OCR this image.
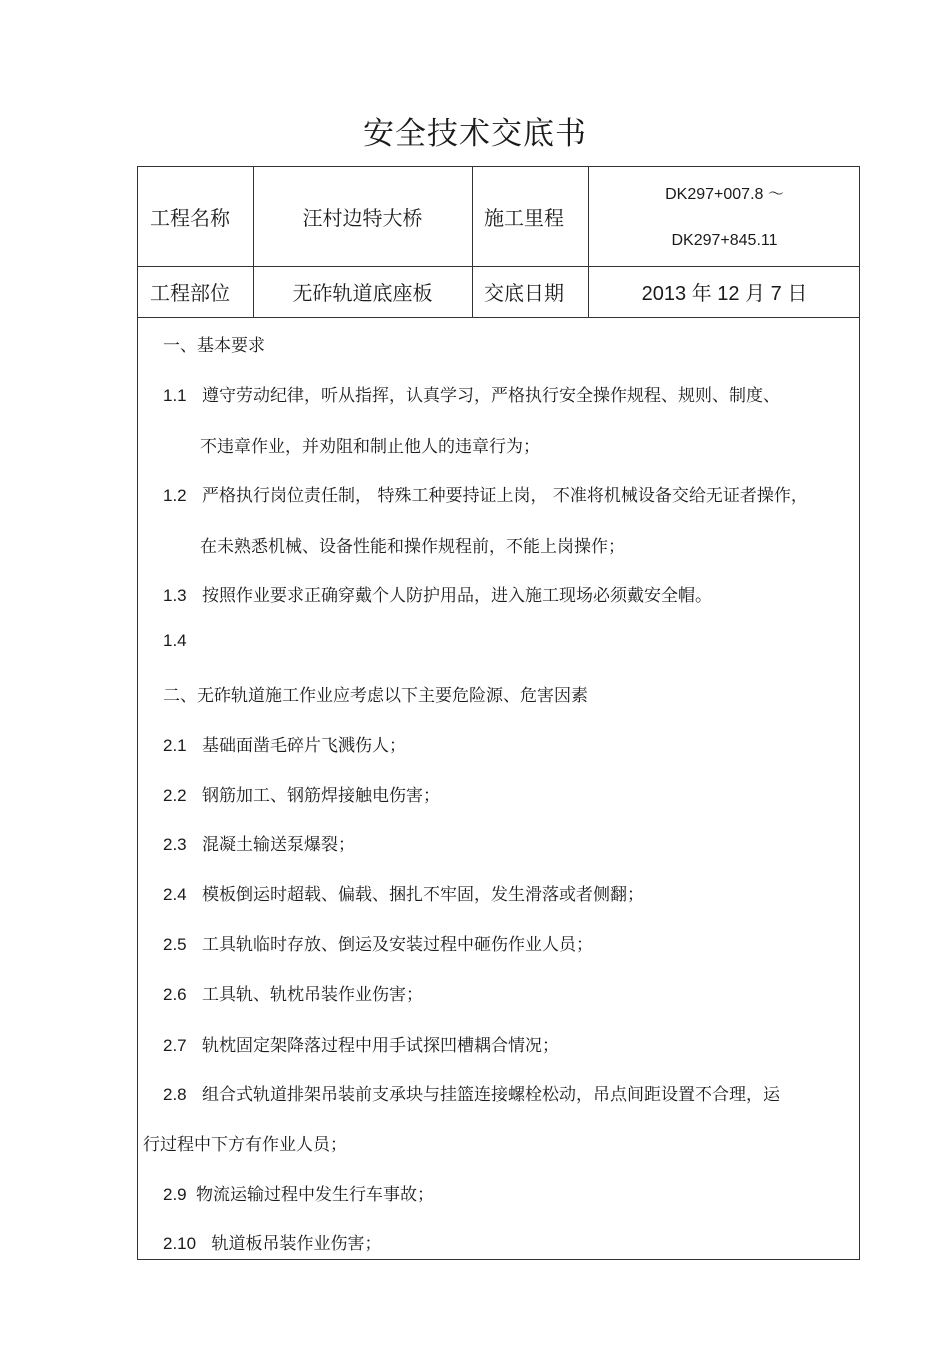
安全技术交底书
工程名称	汪村边特大桥	施工里程
DK297+007.8 ～
DK297+845.11
工程部位	无砟轨道底座板	交底日期	2013 年 12 月 7 日
一、基本要求
1.1 遵守劳动纪律，听从指挥，认真学习，严格执行安全操作规程、规则、制度、
不违章作业，并劝阻和制止他人的违章行为；
1.2 严格执行岗位责任制， 特殊工种要持证上岗， 不准将机械设备交给无证者操作，
在未熟悉机械、设备性能和操作规程前，不能上岗操作；
1.3 按照作业要求正确穿戴个人防护用品，进入施工现场必须戴安全帽。
1.4
二、无砟轨道施工作业应考虑以下主要危险源、危害因素
2.1 基础面凿毛碎片飞溅伤人；
2.2 钢筋加工、钢筋焊接触电伤害；
2.3 混凝土输送泵爆裂；
2.4 模板倒运时超载、偏载、捆扎不牢固，发生滑落或者侧翻；
2.5 工具轨临时存放、倒运及安装过程中砸伤作业人员；
2.6 工具轨、轨枕吊装作业伤害；
2.7 轨枕固定架降落过程中用手试探凹槽耦合情况；
2.8 组合式轨道排架吊装前支承块与挂篮连接螺栓松动，吊点间距设置不合理，运
行过程中下方有作业人员；
2.9 物流运输过程中发生行车事故；
2.10 轨道板吊装作业伤害；
